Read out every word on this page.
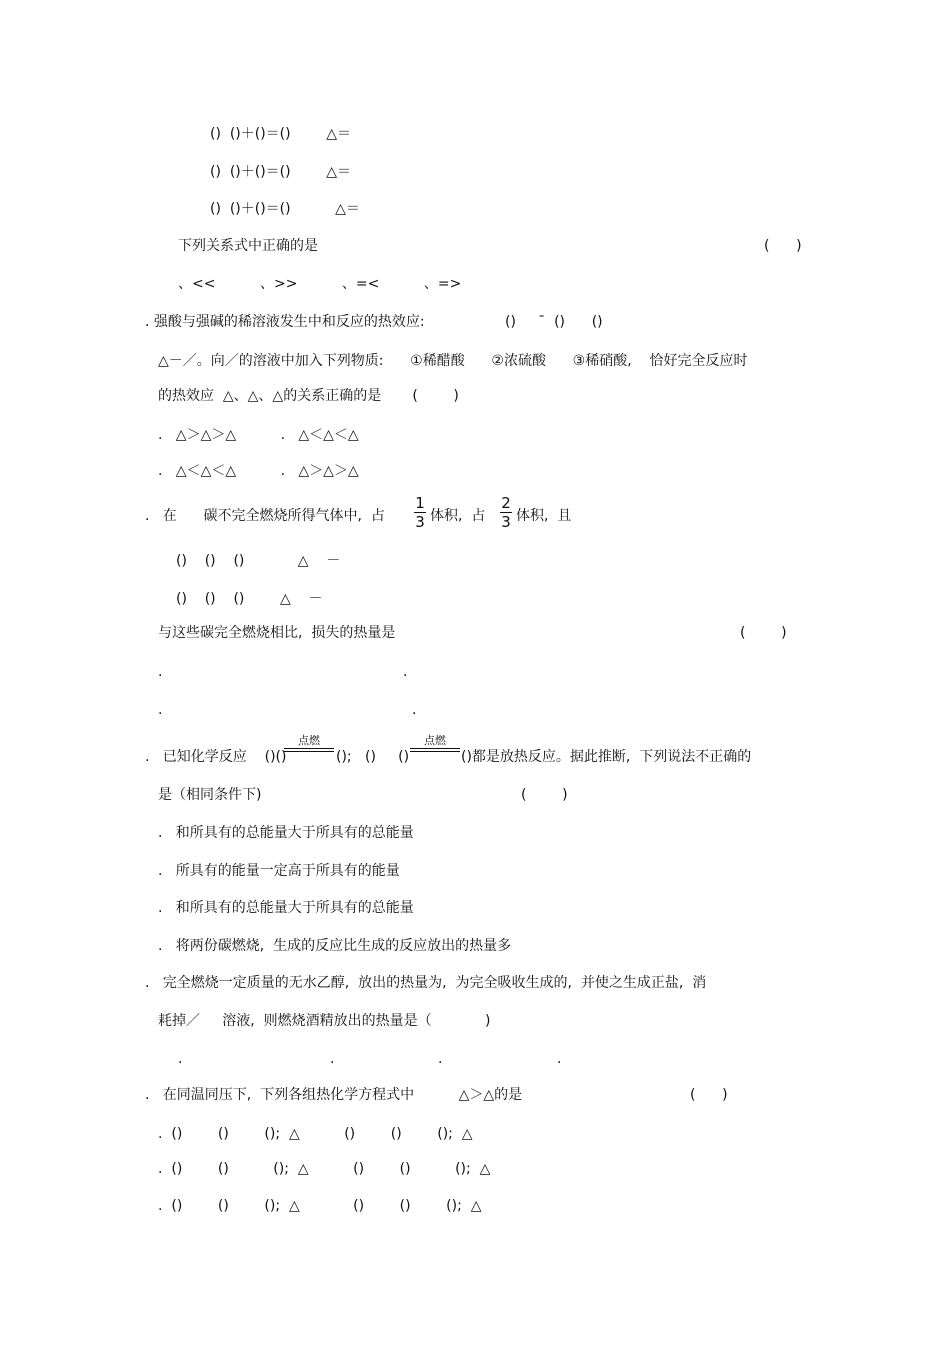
()  ()＋()＝()        △＝
()  ()＋()＝()        △＝
()  ()＋()＝()          △＝
下列关系式中正确的是	(      )
、<<          、>>          、=<          、=>
. 强酸与强碱的稀溶液发生中和反应的热效应:	()     ¯  ()      ()
△－／。向／的溶液中加入下列物质:      ①稀醋酸      ②浓硫酸      ③稀硝酸,    恰好完全反应时
的热效应  △、△、△的关系正确的是       (        )
.   △＞△＞△          .   △＜△＜△
.   △＜△＜△          .   △＞△＞△
.   在      碳不完全燃烧所得气体中,  占
1
3 体积,  占
2
3 体积,  且
()    ()    ()            △    －
()    ()    ()        △    －
与这些碳完全燃烧相比,  损失的热量是	(        )
.	.
.	.
.   已知化学反应    ()()
点燃
();   ()     ()
点燃
()都是放热反应。据此推断,  下列说法不正确的
是（相同条件下)	(        )
.   和所具有的总能量大于所具有的总能量
.   所具有的能量一定高于所具有的能量
.   和所具有的总能量大于所具有的总能量
.   将两份碳燃烧,  生成的反应比生成的反应放出的热量多
.   完全燃烧一定质量的无水乙醇,  放出的热量为,  为完全吸收生成的,  并使之生成正盐,  消
耗掉／     溶液,  则燃烧酒精放出的热量是（            )
.	.	.	.
.   在同温同压下,  下列各组热化学方程式中          △＞△的是	(      )
.  ()        ()        ();  △          ()        ()        ();  △
.  ()        ()          ();  △          ()        ()          ();  △
.  ()        ()        ();  △            ()        ()        ();  △
